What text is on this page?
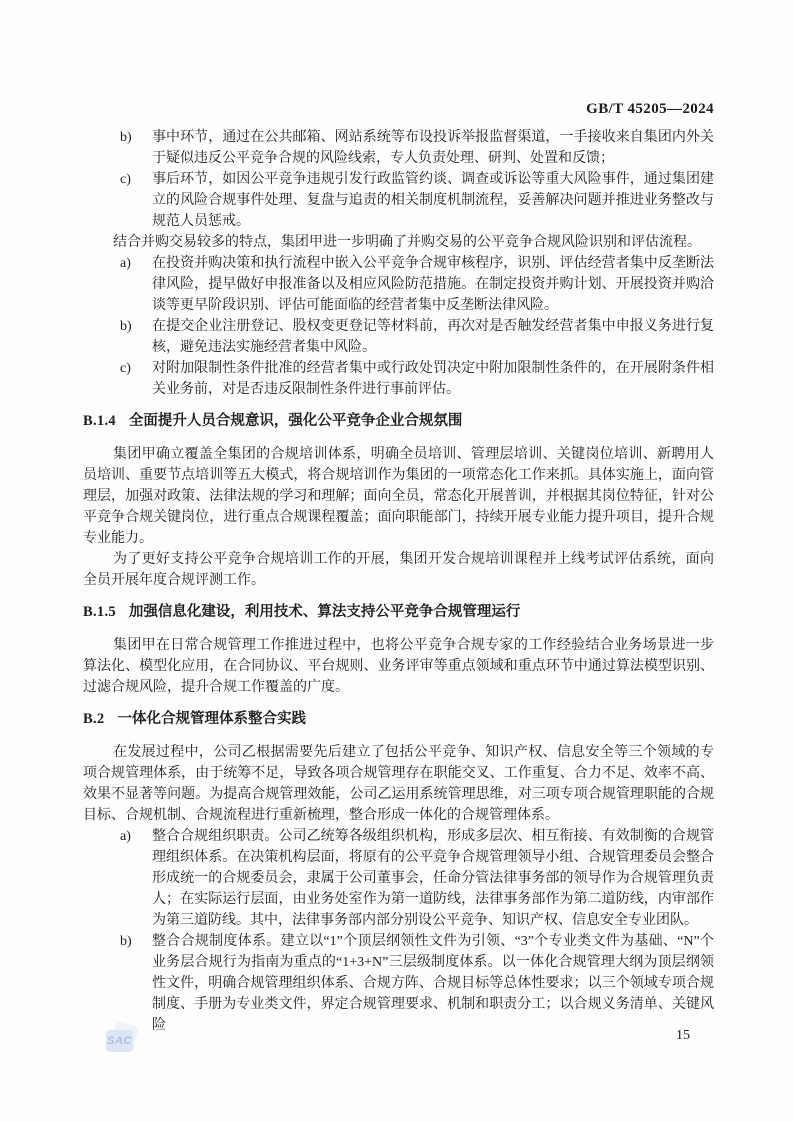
GB/T 45205—2024
b) 事中环节，通过在公共邮箱、网站系统等布设投诉举报监督渠道，一手接收来自集团内外关于疑似违反公平竞争合规的风险线索，专人负责处理、研判、处置和反馈；
c) 事后环节，如因公平竞争违规引发行政监管约谈、调查或诉讼等重大风险事件，通过集团建立的风险合规事件处理、复盘与追责的相关制度机制流程，妥善解决问题并推进业务整改与规范人员惩戒。

结合并购交易较多的特点，集团甲进一步明确了并购交易的公平竞争合规风险识别和评估流程。

a) 在投资并购决策和执行流程中嵌入公平竞争合规审核程序，识别、评估经营者集中反垄断法律风险，提早做好申报准备以及相应风险防范措施。在制定投资并购计划、开展投资并购洽谈等更早阶段识别、评估可能面临的经营者集中反垄断法律风险。
b) 在提交企业注册登记、股权变更登记等材料前，再次对是否触发经营者集中申报义务进行复核，避免违法实施经营者集中风险。
c) 对附加限制性条件批准的经营者集中或行政处罚决定中附加限制性条件的，在开展附条件相关业务前，对是否违反限制性条件进行事前评估。
B.1.4 全面提升人员合规意识，强化公平竞争企业合规氛围

集团甲确立覆盖全集团的合规培训体系，明确全员培训、管理层培训、关键岗位培训、新聘用人员培训、重要节点培训等五大模式，将合规培训作为集团的一项常态化工作来抓。具体实施上，面向管理层，加强对政策、法律法规的学习和理解；面向全员，常态化开展普训，并根据其岗位特征，针对公平竞争合规关键岗位，进行重点合规课程覆盖；面向职能部门，持续开展专业能力提升项目，提升合规专业能力。

为了更好支持公平竞争合规培训工作的开展，集团开发合规培训课程并上线考试评估系统，面向全员开展年度合规评测工作。

B.1.5 加强信息化建设，利用技术、算法支持公平竞争合规管理运行

集团甲在日常合规管理工作推进过程中，也将公平竞争合规专家的工作经验结合业务场景进一步算法化、模型化应用，在合同协议、平台规则、业务评审等重点领域和重点环节中通过算法模型识别、过滤合规风险，提升合规工作覆盖的广度。

B.2 一体化合规管理体系整合实践

在发展过程中，公司乙根据需要先后建立了包括公平竞争、知识产权、信息安全等三个领域的专项合规管理体系，由于统筹不足，导致各项合规管理存在职能交叉、工作重复、合力不足、效率不高、效果不显著等问题。为提高合规管理效能，公司乙运用系统管理思维，对三项专项合规管理职能的合规目标、合规机制、合规流程进行重新梳理，整合形成一体化的合规管理体系。

a) 整合合规组织职责。公司乙统筹各级组织机构，形成多层次、相互衔接、有效制衡的合规管理组织体系。在决策机构层面，将原有的公平竞争合规管理领导小组、合规管理委员会整合形成统一的合规委员会，隶属于公司董事会，任命分管法律事务部的领导作为合规管理负责人；在实际运行层面，由业务处室作为第一道防线，法律事务部作为第二道防线，内审部作为第三道防线。其中，法律事务部内部分别设公平竞争、知识产权、信息安全专业团队。
b) 整合合规制度体系。建立以“1”个顶层纲领性文件为引领、“3”个专业类文件为基础、“N”个业务层合规行为指南为重点的“1+3+N”三层级制度体系。以一体化合规管理大纲为顶层纲领性文件，明确合规管理组织体系、合规方阵、合规目标等总体性要求；以三个领域专项合规制度、手册为专业类文件，界定合规管理要求、机制和职责分工；以合规义务清单、关键风险
SAC	15
